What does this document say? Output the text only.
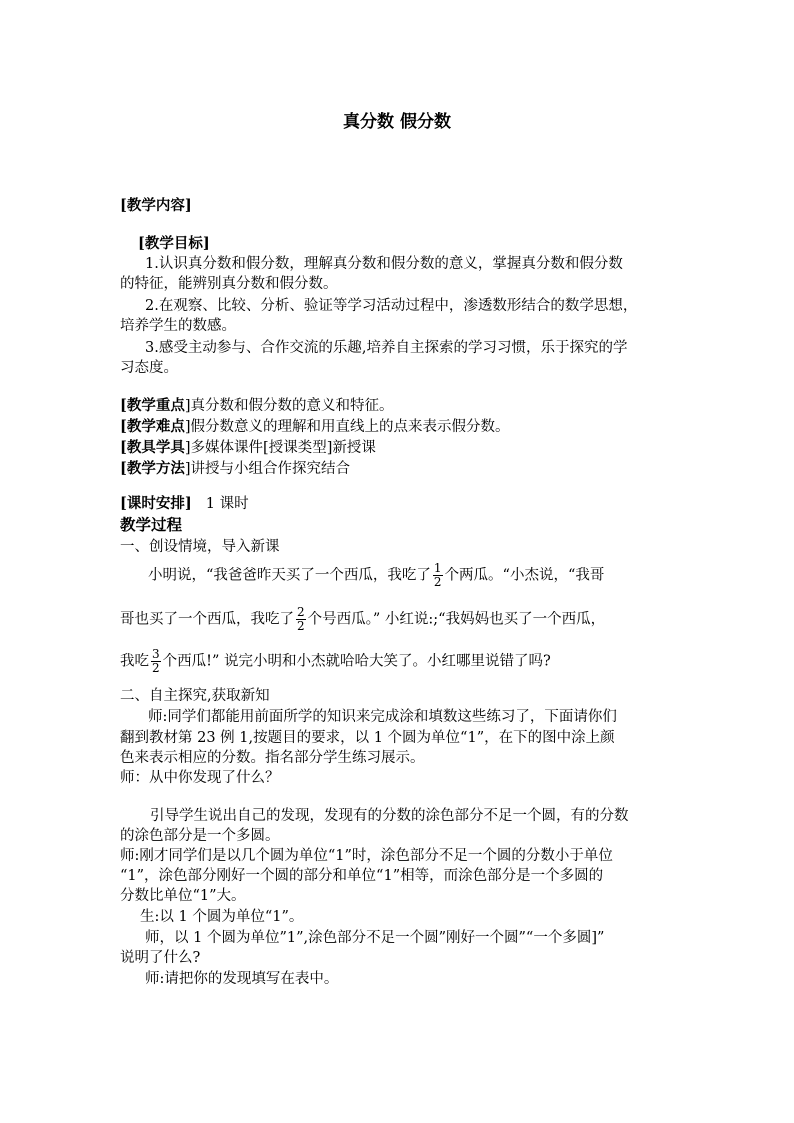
真分数 假分数
[教学内容]
[教学目标]
1.认识真分数和假分数，理解真分数和假分数的意义，掌握真分数和假分数
的特征，能辨别真分数和假分数。
2.在观察、比较、分析、验证等学习活动过程中，渗透数形结合的数学思想，
培养学生的数感。
3.感受主动参与、合作交流的乐趣,培养自主探索的学习习惯，乐于探究的学
习态度。
[教学重点]真分数和假分数的意义和特征。
[教学难点]假分数意义的理解和用直线上的点来表示假分数。
[教具学具]多媒体课件[授课类型]新授课
[教学方法]讲授与小组合作探究结合
[课时安排] 1 课时
教学过程
一、创设情境，导入新课
小明说，“我爸爸昨天买了一个西瓜，我吃了 $\frac{1}{2}$ 个两瓜。“小杰说，“我哥
哥也买了一个西瓜，我吃了 $\frac{2}{2}$ 个号西瓜。” 小红说:;“我妈妈也买了一个西瓜，
我吃 $\frac{3}{2}$ 个西瓜!” 说完小明和小杰就哈哈大笑了。小红哪里说错了吗?
二、自主探究,获取新知
师:同学们都能用前面所学的知识来完成涂和填数这些练习了，下面请你们
翻到教材第 23 例 1,按题目的要求，以 1 个圆为单位“1”，在下的图中涂上颜
色来表示相应的分数。指名部分学生练习展示。
师：从中你发现了什么？
引导学生说出自己的发现，发现有的分数的涂色部分不足一个圆，有的分数
的涂色部分是一个多圆。
师:刚才同学们是以几个圆为单位“1”时，涂色部分不足一个圆的分数小于单位
“1”，涂色部分刚好一个圆的部分和单位“1”相等，而涂色部分是一个多圆的
分数比单位“1”大。
生:以 1 个圆为单位“1”。
师，以 1 个圆为单位”1”,涂色部分不足一个圆”刚好一个圆”“一个多圆]”
说明了什么?
师:请把你的发现填写在表中。
